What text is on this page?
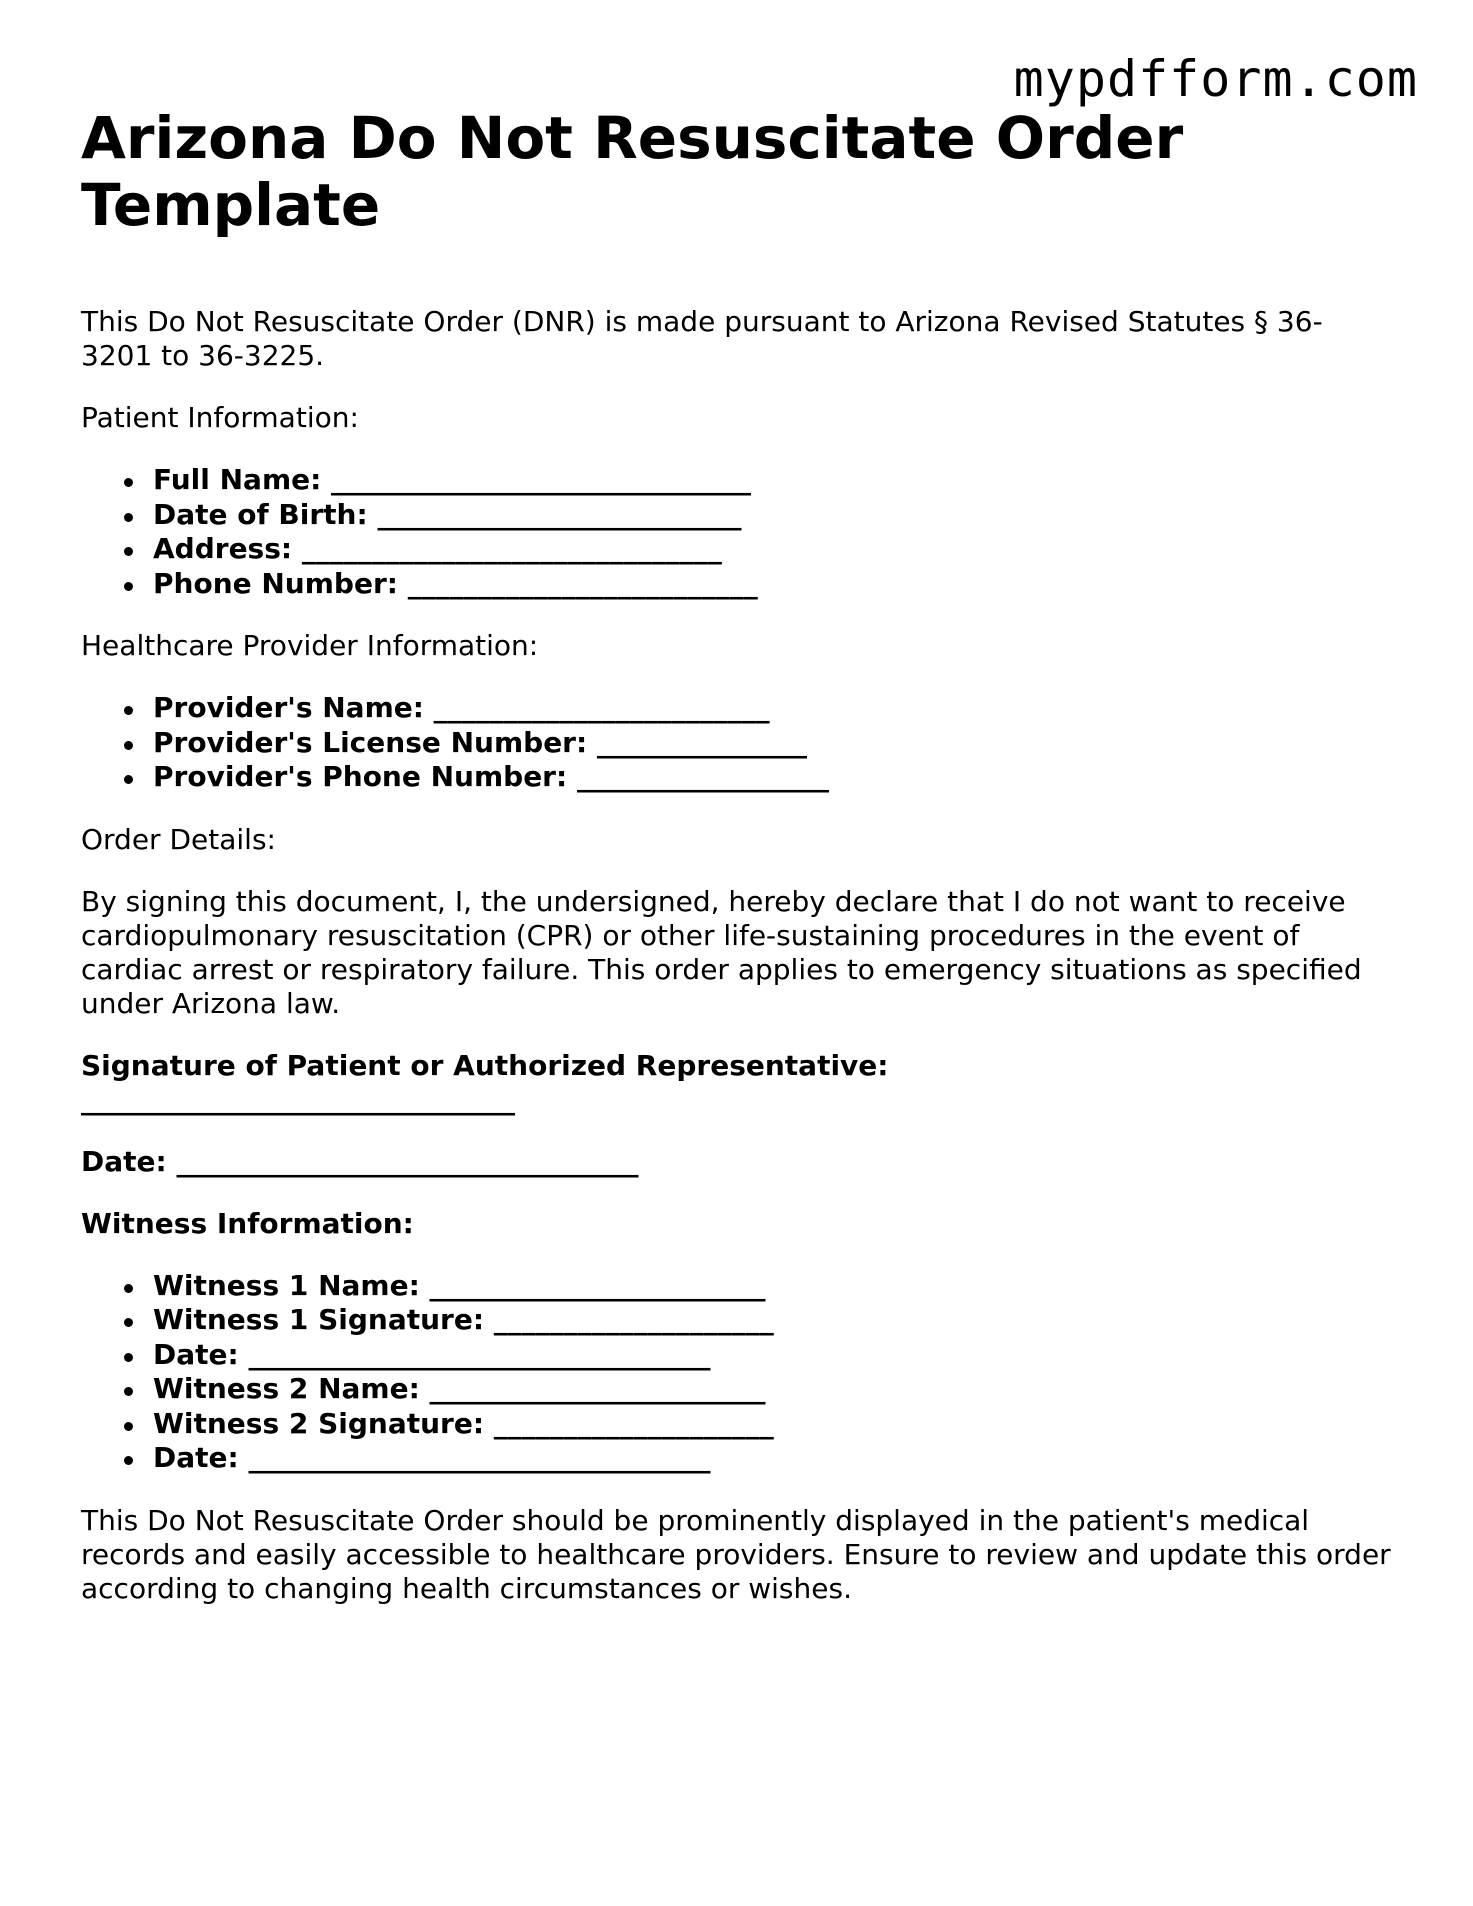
mypdfform.com
Arizona Do Not Resuscitate Order Template

This Do Not Resuscitate Order (DNR) is made pursuant to Arizona Revised Statutes § 36-3201 to 36-3225.

Patient Information:

Full Name: ______________________________
Date of Birth: __________________________
Address: ______________________________
Phone Number: _________________________

Healthcare Provider Information:

Provider's Name: ________________________
Provider's License Number: _______________
Provider's Phone Number: __________________

Order Details:

By signing this document, I, the undersigned, hereby declare that I do not want to receive cardiopulmonary resuscitation (CPR) or other life-sustaining procedures in the event of cardiac arrest or respiratory failure. This order applies to emergency situations as specified under Arizona law.

Signature of Patient or Authorized Representative:

_______________________________

Date: _________________________________

Witness Information:

Witness 1 Name: ________________________
Witness 1 Signature: ____________________
Date: _________________________________
Witness 2 Name: ________________________
Witness 2 Signature: ____________________
Date: _________________________________

This Do Not Resuscitate Order should be prominently displayed in the patient's medical records and easily accessible to healthcare providers. Ensure to review and update this order according to changing health circumstances or wishes.
